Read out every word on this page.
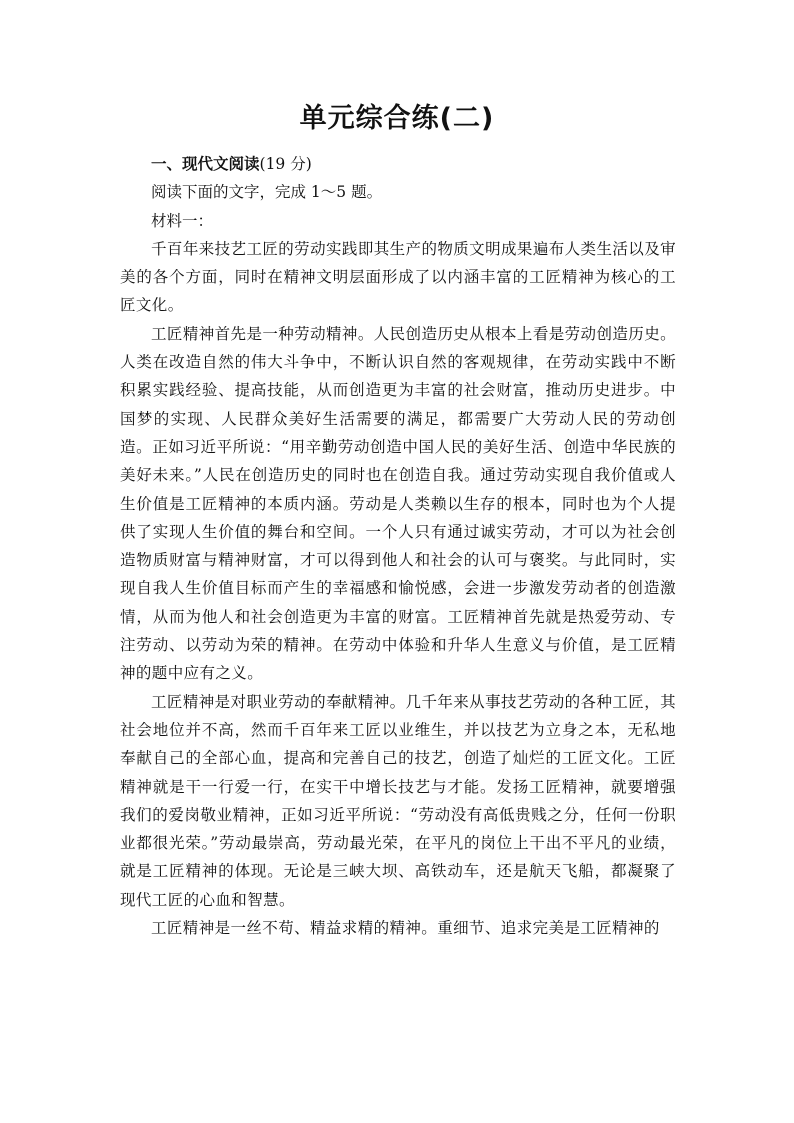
单元综合练(二)
一、现代文阅读(19 分)
阅读下面的文字，完成 1～5 题。
材料一：

千百年来技艺工匠的劳动实践即其生产的物质文明成果遍布人类生活以及审美的各个方面，同时在精神文明层面形成了以内涵丰富的工匠精神为核心的工匠文化。

工匠精神首先是一种劳动精神。人民创造历史从根本上看是劳动创造历史。人类在改造自然的伟大斗争中，不断认识自然的客观规律，在劳动实践中不断积累实践经验、提高技能，从而创造更为丰富的社会财富，推动历史进步。中国梦的实现、人民群众美好生活需要的满足，都需要广大劳动人民的劳动创造。正如习近平所说：“用辛勤劳动创造中国人民的美好生活、创造中华民族的美好未来。”人民在创造历史的同时也在创造自我。通过劳动实现自我价值或人生价值是工匠精神的本质内涵。劳动是人类赖以生存的根本，同时也为个人提供了实现人生价值的舞台和空间。一个人只有通过诚实劳动，才可以为社会创造物质财富与精神财富，才可以得到他人和社会的认可与褒奖。与此同时，实现自我人生价值目标而产生的幸福感和愉悦感，会进一步激发劳动者的创造激情，从而为他人和社会创造更为丰富的财富。工匠精神首先就是热爱劳动、专注劳动、以劳动为荣的精神。在劳动中体验和升华人生意义与价值，是工匠精神的题中应有之义。

工匠精神是对职业劳动的奉献精神。几千年来从事技艺劳动的各种工匠，其社会地位并不高，然而千百年来工匠以业维生，并以技艺为立身之本，无私地奉献自己的全部心血，提高和完善自己的技艺，创造了灿烂的工匠文化。工匠精神就是干一行爱一行，在实干中增长技艺与才能。发扬工匠精神，就要增强我们的爱岗敬业精神，正如习近平所说：“劳动没有高低贵贱之分，任何一份职业都很光荣。”劳动最崇高，劳动最光荣，在平凡的岗位上干出不平凡的业绩，就是工匠精神的体现。无论是三峡大坝、高铁动车，还是航天飞船，都凝聚了现代工匠的心血和智慧。

工匠精神是一丝不苟、精益求精的精神。重细节、追求完美是工匠精神的
